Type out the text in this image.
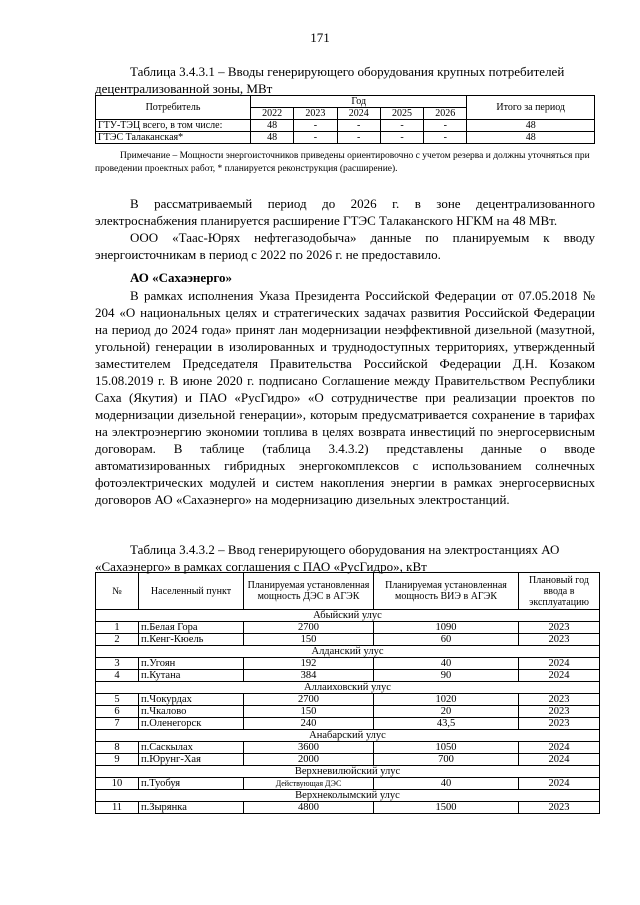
171
Таблица 3.4.3.1 – Вводы генерирующего оборудования крупных потребителей децентрализованной зоны, МВт
Потребитель	Год					Итого за период
	2022	2023	2024	2025	2026	
ГТУ-ТЭЦ всего, в том числе:	48	-	-	-	-	48
ГТЭС Талаканская*	48	-	-	-	-	48
Примечание – Мощности энергоисточников приведены ориентировочно с учетом резерва и должны уточняться при проведении проектных работ, * планируется реконструкция (расширение).
В рассматриваемый период до 2026 г. в зоне децентрализованного электроснабжения планируется расширение ГТЭС Талаканского НГКМ на 48 МВт.
ООО «Таас-Юрях нефтегазодобыча» данные по планируемым к вводу энергоисточникам в период с 2022 по 2026 г. не предоставило.
АО «Сахаэнерго»
В рамках исполнения Указа Президента Российской Федерации от 07.05.2018 № 204 «О национальных целях и стратегических задачах развития Российской Федерации на период до 2024 года» принят лан модернизации неэффективной дизельной (мазутной, угольной) генерации в изолированных и труднодоступных территориях, утвержденный заместителем Председателя Правительства Российской Федерации Д.Н. Козаком 15.08.2019 г. В июне 2020 г. подписано Соглашение между Правительством Республики Саха (Якутия) и ПАО «РусГидро» «О сотрудничестве при реализации проектов по модернизации дизельной генерации», которым предусматривается сохранение в тарифах на электроэнергию экономии топлива в целях возврата инвестиций по энергосервисным договорам. В таблице (таблица 3.4.3.2) представлены данные о вводе автоматизированных гибридных энергокомплексов с использованием солнечных фотоэлектрических модулей и систем накопления энергии в рамках энергосервисных договоров АО «Сахаэнерго» на модернизацию дизельных электростанций.
Таблица 3.4.3.2 – Ввод генерирующего оборудования на электростанциях АО «Сахаэнерго» в рамках соглашения с ПАО «РусГидро», кВт
№	Населенный пункт	Планируемая установленная мощность ДЭС в АГЭК	Планируемая установленная мощность ВИЭ в АГЭК	Плановый год ввода в эксплуатацию
Абыйский улус				
1	п.Белая Гора	2700	1090	2023
2	п.Кенг-Кюель	150	60	2023
Алданский улус				
3	п.Угоян	192	40	2024
4	п.Кутана	384	90	2024
Аллаиховский улус				
5	п.Чокурдах	2700	1020	2023
6	п.Чкалово	150	20	2023
7	п.Оленегорск	240	43,5	2023
Анабарский улус				
8	п.Саскылах	3600	1050	2024
9	п.Юрунг-Хая	2000	700	2024
Верхневилюйский улус				
10	п.Туобуя	Действующая ДЭС	40	2024
Верхнеколымский улус				
11	п.Зырянка	4800	1500	2023
